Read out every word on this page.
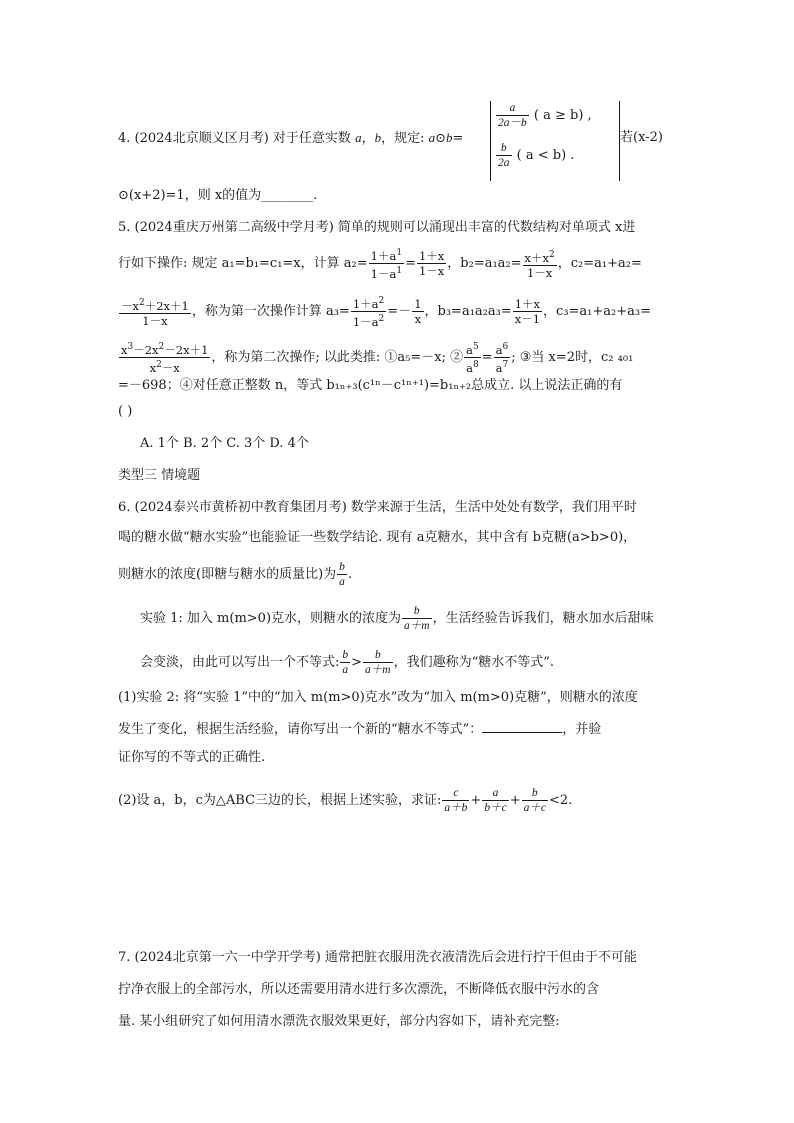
4. (2024北京顺义区月考) 对于任意实数 a，b，规定: a⊙b=
$\frac{a}{2a-b}$ ( a ≥ b) ,
$\frac{b}{2a}$ ( a < b) .
若(x-2)
⊙(x+2)=1，则 x的值为________.
5. (2024重庆万州第二高级中学月考) 简单的规则可以涌现出丰富的代数结构对单项式 x进
行如下操作: 规定 a₁=b₁=c₁=x，计算 $a_2= \frac{1+a^1}{1-a^1} = \frac{1+x}{1-x}$ ，$b_2=a_1a_2= \frac{x+x^2}{1-x}$ ，c₂=a₁+a₂=
$\frac{-x^2+2x+1}{1-x}$ ，称为第一次操作计算 $a_3= \frac{1+a^2}{1-a^2} =- \frac{1}{x}$ ，$b_3=a_1a_2a_3= \frac{1+x}{x-1}$ ，c₃=a₁+a₂+a₃=
$\frac{x^3-2x^2-2x+1}{x^2-x}$ ，称为第二次操作; 以此类推: ①a₅=－x; ② $\frac{a^5}{a^8} = \frac{a^6}{a^7}$ ; ③当 x=2时，c₂ ₄₀₁
=－698；④对任意正整数 n，等式 b₁ₙ₊₃(c¹ⁿ－c¹ⁿ⁺¹)=b₁ₙ₊₂总成立. 以上说法正确的有
( )
A. 1个 B. 2个 C. 3个 D. 4个
类型三 情境题
6. (2024泰兴市黄桥初中教育集团月考) 数学来源于生活，生活中处处有数学，我们用平时
喝的糖水做“糖水实验”也能验证一些数学结论. 现有 a克糖水，其中含有 b克糖(a>b>0)，
则糖水的浓度(即糖与糖水的质量比)为 $\frac{b}{a}$ .
实验 1: 加入 m(m>0)克水，则糖水的浓度为 $\frac{b}{a+m}$ ，生活经验告诉我们，糖水加水后甜味
会变淡，由此可以写出一个不等式: $\frac{b}{a} > \frac{b}{a+m}$ ，我们趣称为“糖水不等式”.
(1)实验 2: 将“实验 1”中的“加入 m(m>0)克水”改为“加入 m(m>0)克糖”，则糖水的浓度
发生了变化，根据生活经验，请你写出一个新的“糖水不等式”：	，并验
证你写的不等式的正确性.
(2)设 a，b，c为△ABC三边的长，根据上述实验，求证: $\frac{c}{a+b} + \frac{a}{b+c} + \frac{b}{a+c} <2$.
7. (2024北京第一六一中学开学考) 通常把脏衣服用洗衣液清洗后会进行拧干但由于不可能
拧净衣服上的全部污水，所以还需要用清水进行多次漂洗，不断降低衣服中污水的含
量. 某小组研究了如何用清水漂洗衣服效果更好，部分内容如下，请补充完整:
